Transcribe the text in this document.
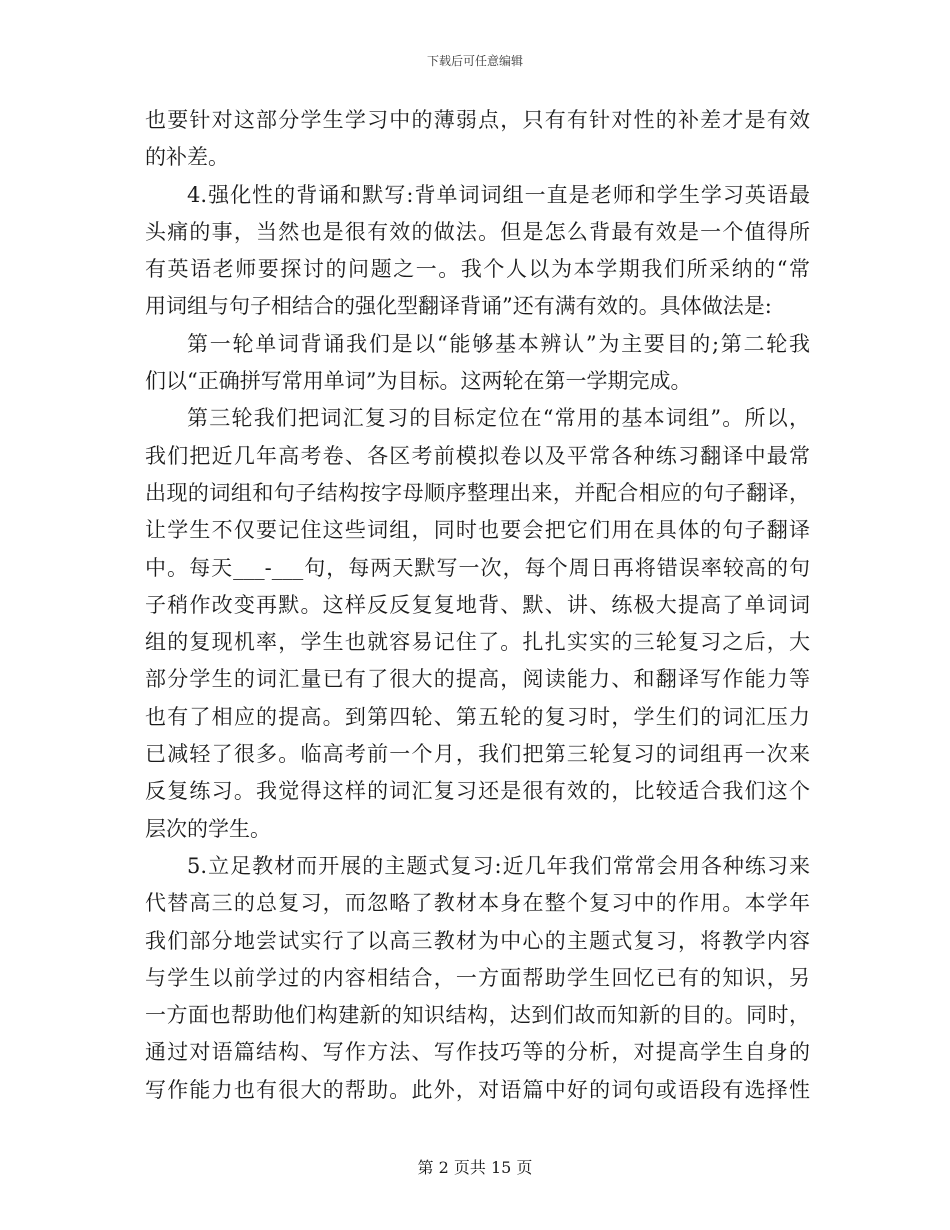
下载后可任意编辑
也要针对这部分学生学习中的薄弱点，只有有针对性的补差才是有效
的补差。
4.强化性的背诵和默写:背单词词组一直是老师和学生学习英语最
头痛的事，当然也是很有效的做法。但是怎么背最有效是一个值得所
有英语老师要探讨的问题之一。我个人以为本学期我们所采纳的“常
用词组与句子相结合的强化型翻译背诵”还有满有效的。具体做法是:
第一轮单词背诵我们是以“能够基本辨认”为主要目的;第二轮我
们以“正确拼写常用单词”为目标。这两轮在第一学期完成。
第三轮我们把词汇复习的目标定位在“常用的基本词组”。所以，
我们把近几年高考卷、各区考前模拟卷以及平常各种练习翻译中最常
出现的词组和句子结构按字母顺序整理出来，并配合相应的句子翻译，
让学生不仅要记住这些词组，同时也要会把它们用在具体的句子翻译
中。每天___-___句，每两天默写一次，每个周日再将错误率较高的句
子稍作改变再默。这样反反复复地背、默、讲、练极大提高了单词词
组的复现机率，学生也就容易记住了。扎扎实实的三轮复习之后，大
部分学生的词汇量已有了很大的提高，阅读能力、和翻译写作能力等
也有了相应的提高。到第四轮、第五轮的复习时，学生们的词汇压力
已减轻了很多。临高考前一个月，我们把第三轮复习的词组再一次来
反复练习。我觉得这样的词汇复习还是很有效的，比较适合我们这个
层次的学生。
5.立足教材而开展的主题式复习:近几年我们常常会用各种练习来
代替高三的总复习，而忽略了教材本身在整个复习中的作用。本学年
我们部分地尝试实行了以高三教材为中心的主题式复习，将教学内容
与学生以前学过的内容相结合，一方面帮助学生回忆已有的知识，另
一方面也帮助他们构建新的知识结构，达到们故而知新的目的。同时，
通过对语篇结构、写作方法、写作技巧等的分析，对提高学生自身的
写作能力也有很大的帮助。此外，对语篇中好的词句或语段有选择性
第 2 页共 15 页
